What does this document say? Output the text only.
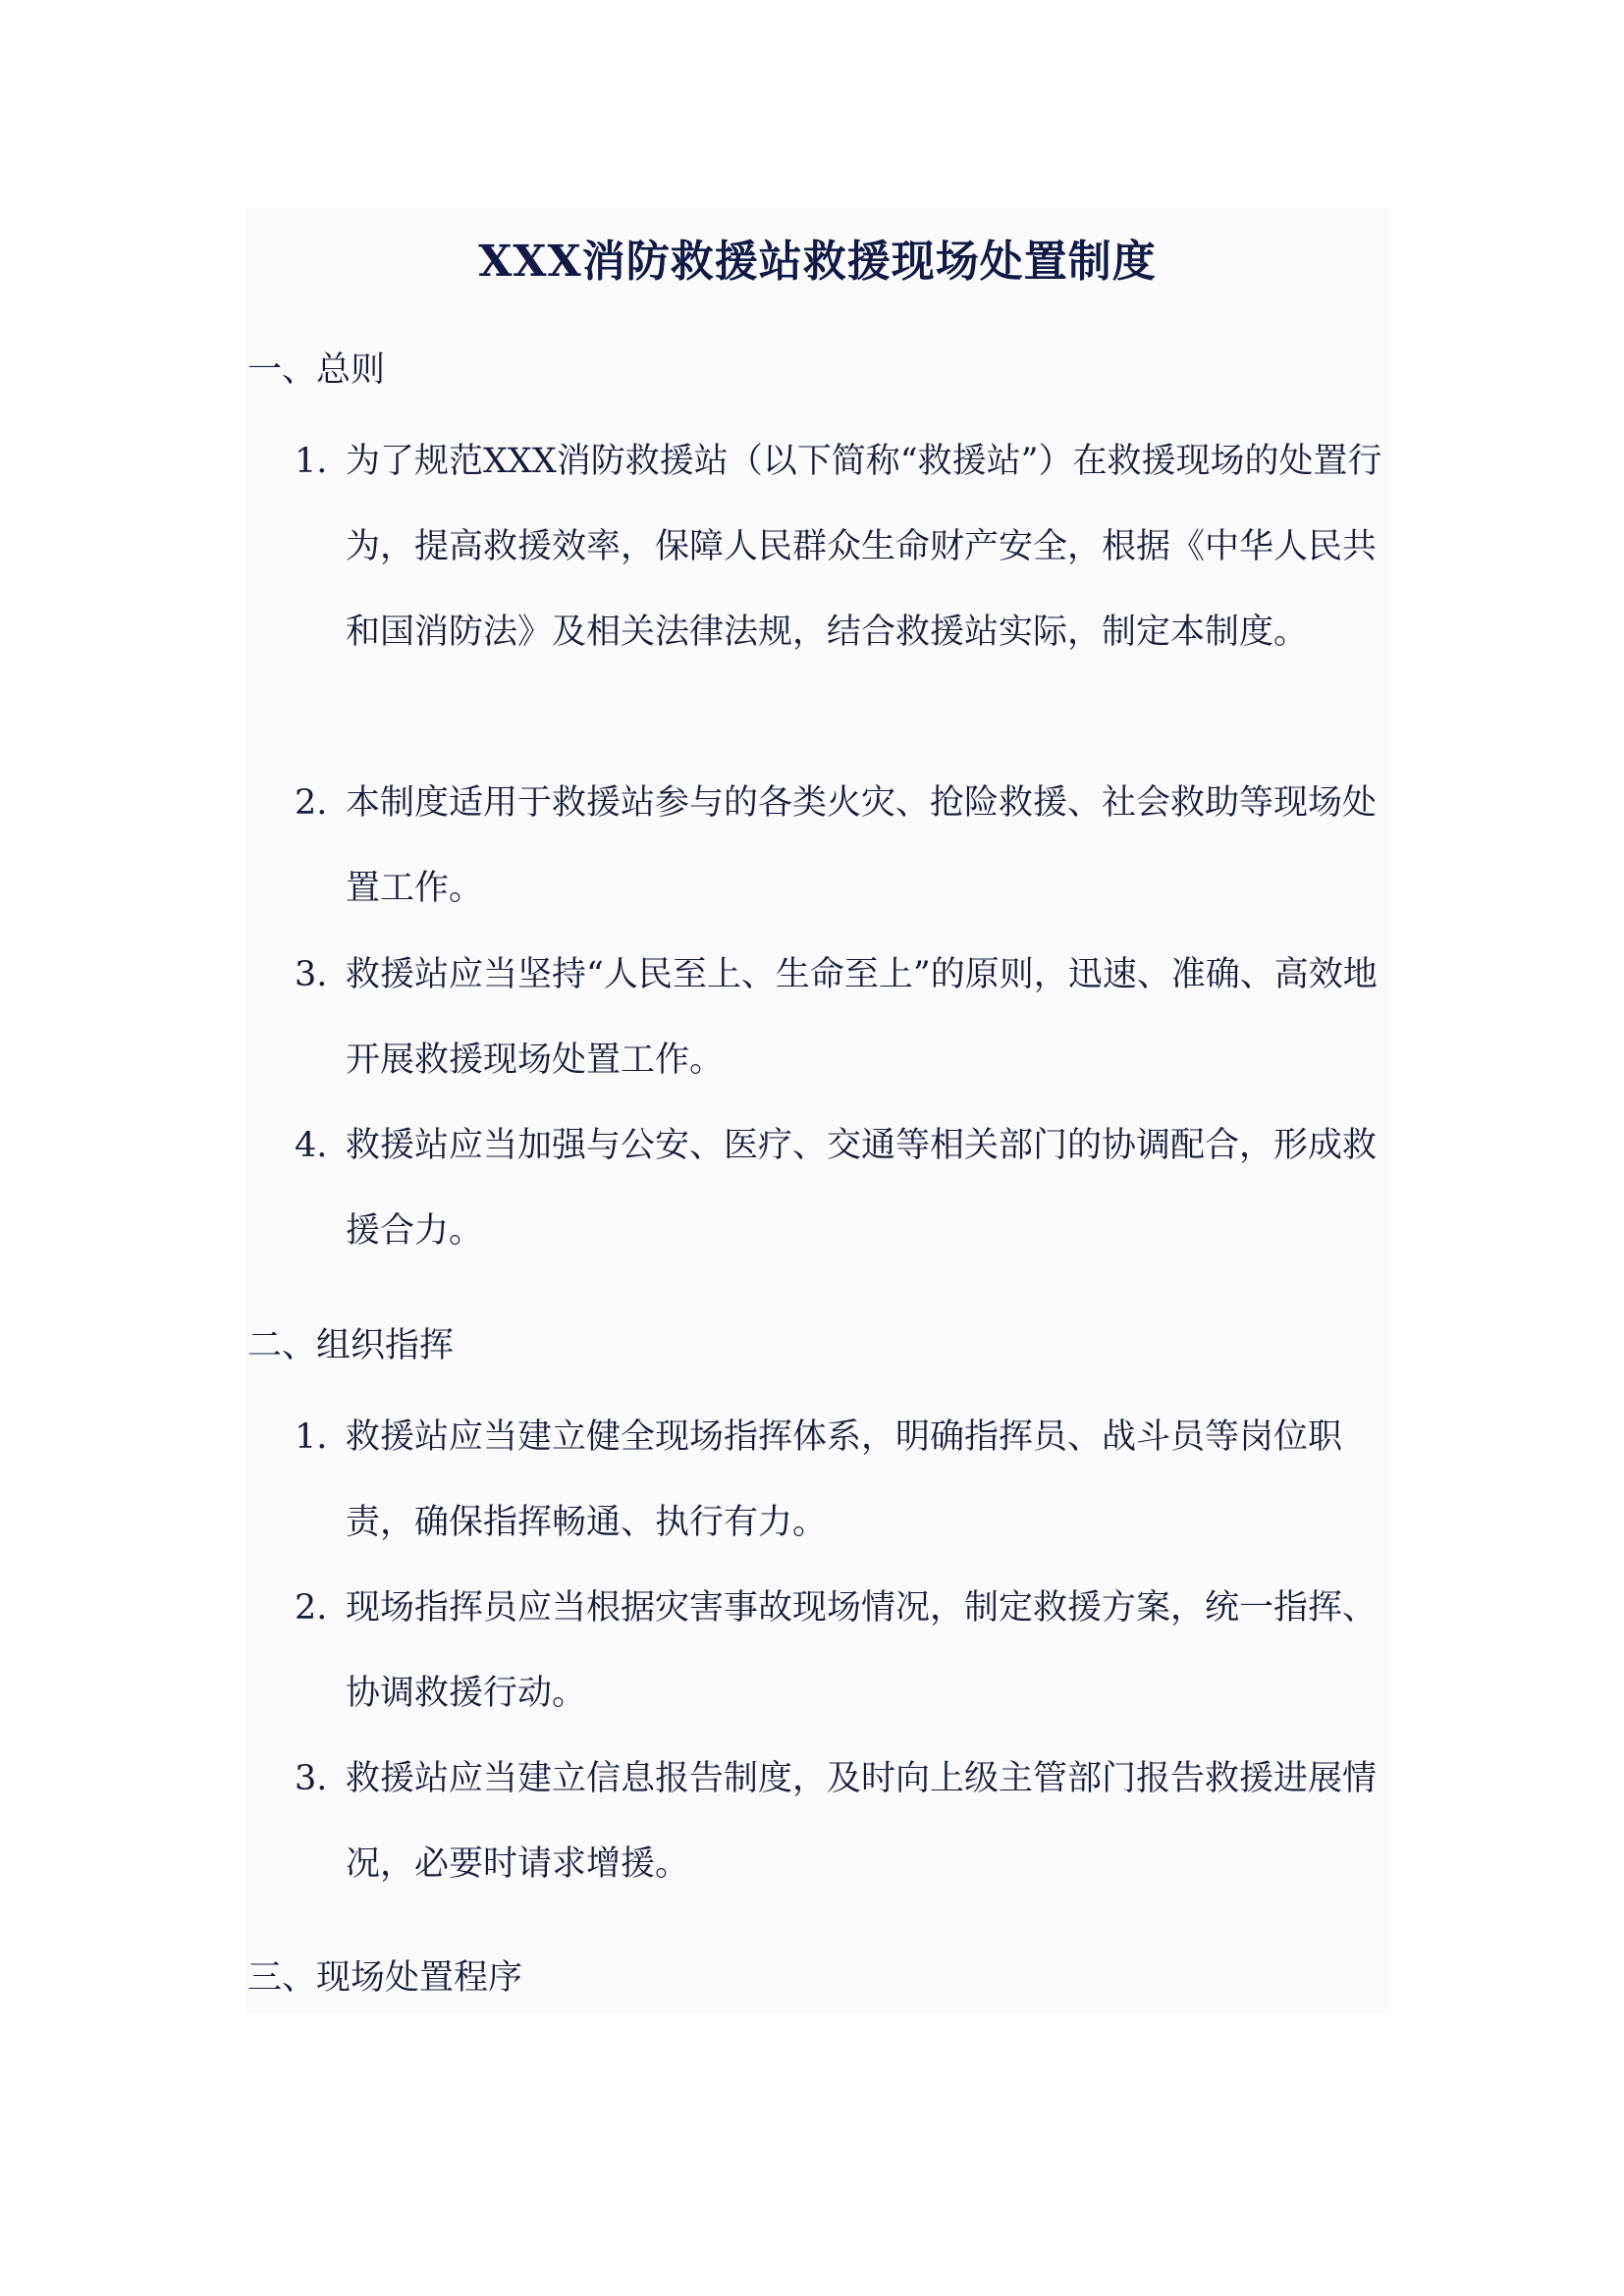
XXX消防救援站救援现场处置制度
一、总则
1. 为了规范XXX消防救援站（以下简称“救援站”）在救援现场的处置行为，提高救援效率，保障人民群众生命财产安全，根据《中华人民共和国消防法》及相关法律法规，结合救援站实际，制定本制度。
2. 本制度适用于救援站参与的各类火灾、抢险救援、社会救助等现场处置工作。
3. 救援站应当坚持“人民至上、生命至上”的原则，迅速、准确、高效地开展救援现场处置工作。
4. 救援站应当加强与公安、医疗、交通等相关部门的协调配合，形成救援合力。
二、组织指挥
1. 救援站应当建立健全现场指挥体系，明确指挥员、战斗员等岗位职责，确保指挥畅通、执行有力。
2. 现场指挥员应当根据灾害事故现场情况，制定救援方案，统一指挥、协调救援行动。
3. 救援站应当建立信息报告制度，及时向上级主管部门报告救援进展情况，必要时请求增援。
三、现场处置程序
